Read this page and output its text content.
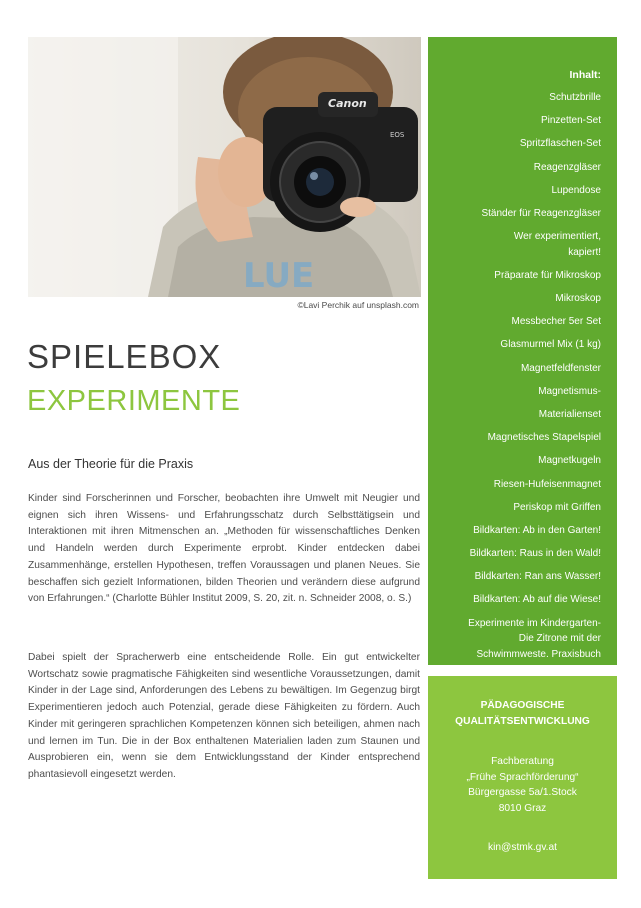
LUE
Canon
EOS
©Lavi Perchik auf unsplash.com
SPIELEBOX
EXPERIMENTE
Aus der Theorie für die Praxis

Kinder sind Forscherinnen und Forscher, beobachten ihre Umwelt mit Neugier und eignen sich ihren Wissens- und Erfahrungsschatz durch Selbsttätigsein und Interaktionen mit ihren Mitmenschen an. „Methoden für wissenschaftliches Denken und Handeln werden durch Experimente erprobt. Kinder entdecken dabei Zusammenhänge, erstellen Hypothesen, treffen Voraussagen und planen Neues. Sie beschaffen sich gezielt Informationen, bilden Theorien und verändern diese aufgrund von Erfahrungen.“ (Charlotte Bühler Institut 2009, S. 20, zit. n. Schneider 2008, o. S.)

Dabei spielt der Spracherwerb eine entscheidende Rolle. Ein gut entwickelter Wortschatz sowie pragmatische Fähigkeiten sind wesentliche Voraussetzungen, damit Kinder in der Lage sind, Anforderungen des Lebens zu bewältigen. Im Gegenzug birgt Experimentieren jedoch auch Potenzial, gerade diese Fähigkeiten zu fördern. Auch Kinder mit geringeren sprachlichen Kompetenzen können sich beteiligen, ahmen nach und lernen im Tun. Die in der Box enthaltenen Materialien laden zum Staunen und Ausprobieren ein, wenn sie dem Entwicklungsstand der Kinder entsprechend phantasievoll eingesetzt werden.

Inhalt:
Schutzbrille
Pinzetten-Set
Spritzflaschen-Set
Reagenzgläser
Lupendose
Ständer für Reagenzgläser
Wer experimentiert,
kapiert!
Präparate für Mikroskop
Mikroskop
Messbecher 5er Set
Glasmurmel Mix (1 kg)
Magnetfeldfenster
Magnetismus-
Materialienset
Magnetisches Stapelspiel
Magnetkugeln
Riesen-Hufeisenmagnet
Periskop mit Griffen
Bildkarten: Ab in den Garten!
Bildkarten: Raus in den Wald!
Bildkarten: Ran ans Wasser!
Bildkarten: Ab auf die Wiese!
Experimente im Kindergarten-
Die Zitrone mit der
Schwimmweste. Praxisbuch
PÄDAGOGISCHE
QUALITÄTSENTWICKLUNG
Fachberatung
„Frühe Sprachförderung“
Bürgergasse 5a/1.Stock
8010 Graz
kin@stmk.gv.at
